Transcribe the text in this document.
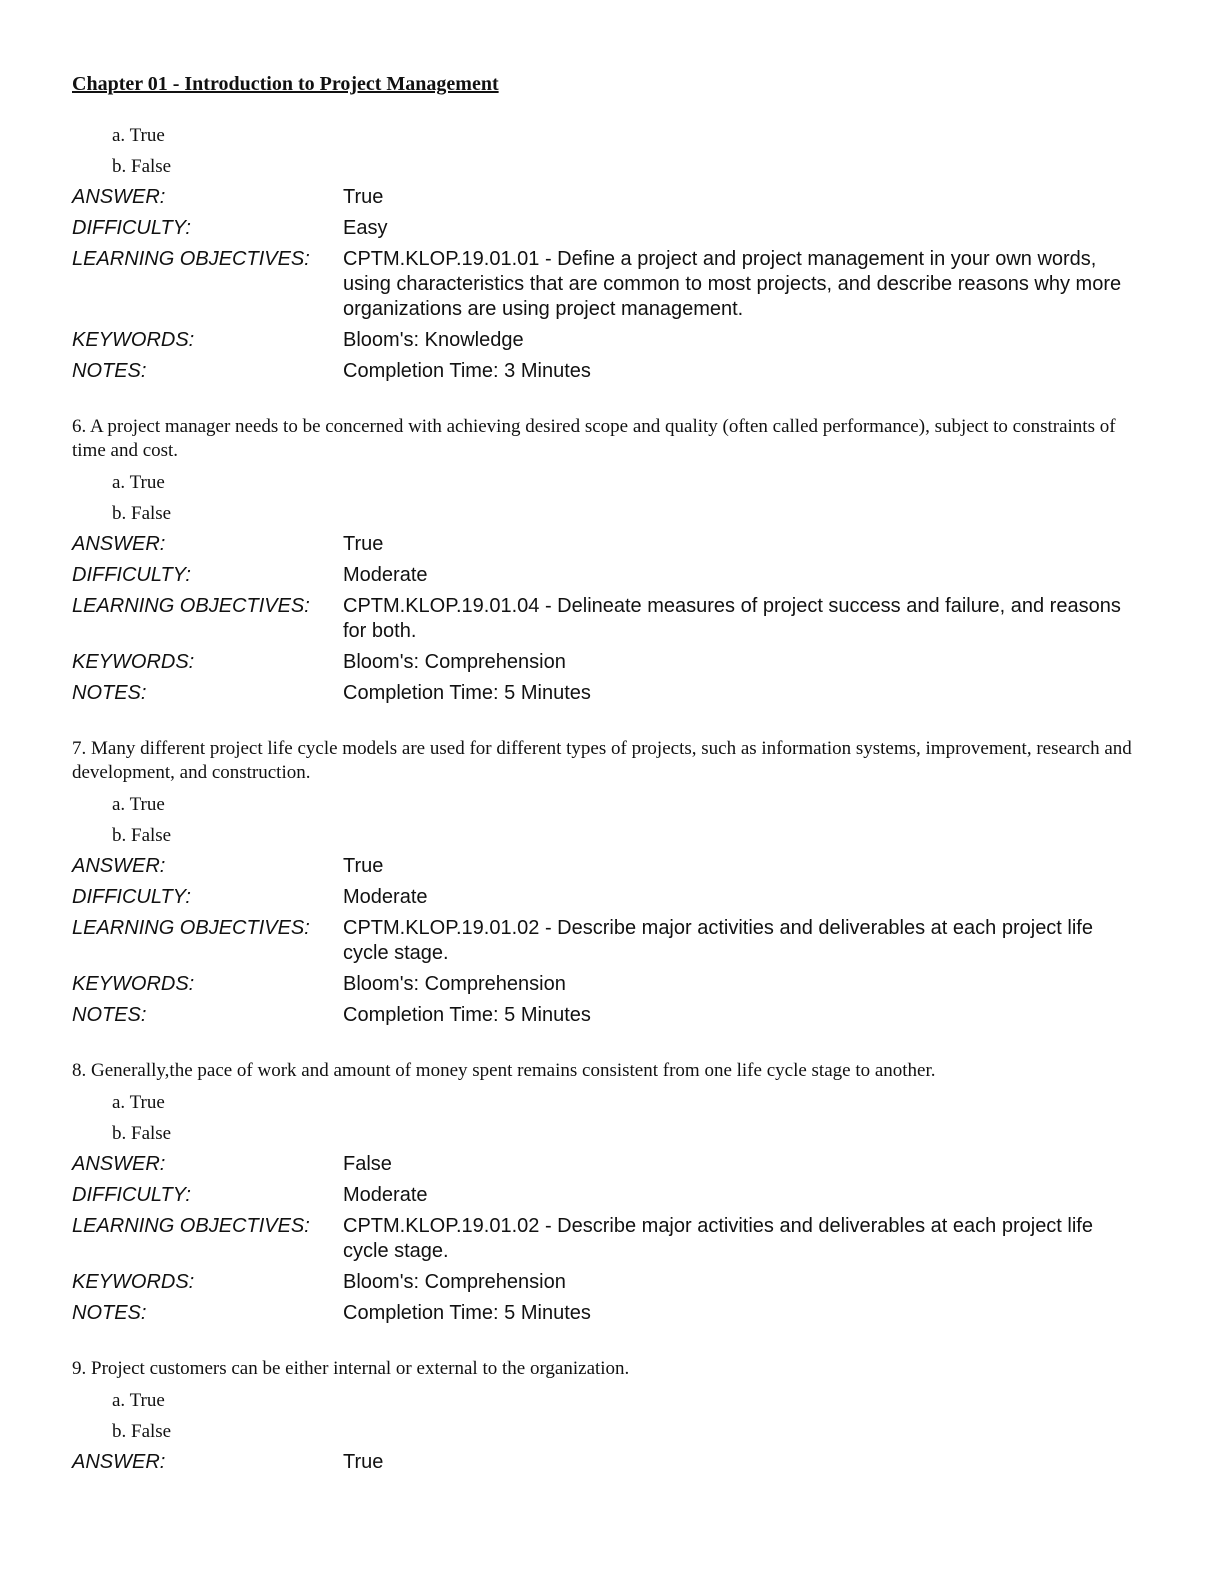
Chapter 01 - Introduction to Project Management
a. True
b. False
ANSWER:	True
DIFFICULTY:	Easy
LEARNING OBJECTIVES:	CPTM.KLOP.19.01.01 - Define a project and project management in your own words, using characteristics that are common to most projects, and describe reasons why more organizations are using project management.
KEYWORDS:	Bloom's: Knowledge
NOTES:	Completion Time: 3 Minutes
6. A project manager needs to be concerned with achieving desired scope and quality (often called performance), subject to constraints of time and cost.
a. True
b. False
ANSWER:	True
DIFFICULTY:	Moderate
LEARNING OBJECTIVES:	CPTM.KLOP.19.01.04 - Delineate measures of project success and failure, and reasons for both.
KEYWORDS:	Bloom's: Comprehension
NOTES:	Completion Time: 5 Minutes
7. Many different project life cycle models are used for different types of projects, such as information systems, improvement, research and development, and construction.
a. True
b. False
ANSWER:	True
DIFFICULTY:	Moderate
LEARNING OBJECTIVES:	CPTM.KLOP.19.01.02 - Describe major activities and deliverables at each project life cycle stage.
KEYWORDS:	Bloom's: Comprehension
NOTES:	Completion Time: 5 Minutes
8. Generally,the pace of work and amount of money spent remains consistent from one life cycle stage to another.
a. True
b. False
ANSWER:	False
DIFFICULTY:	Moderate
LEARNING OBJECTIVES:	CPTM.KLOP.19.01.02 - Describe major activities and deliverables at each project life cycle stage.
KEYWORDS:	Bloom's: Comprehension
NOTES:	Completion Time: 5 Minutes
9. Project customers can be either internal or external to the organization.
a. True
b. False
ANSWER:	True
